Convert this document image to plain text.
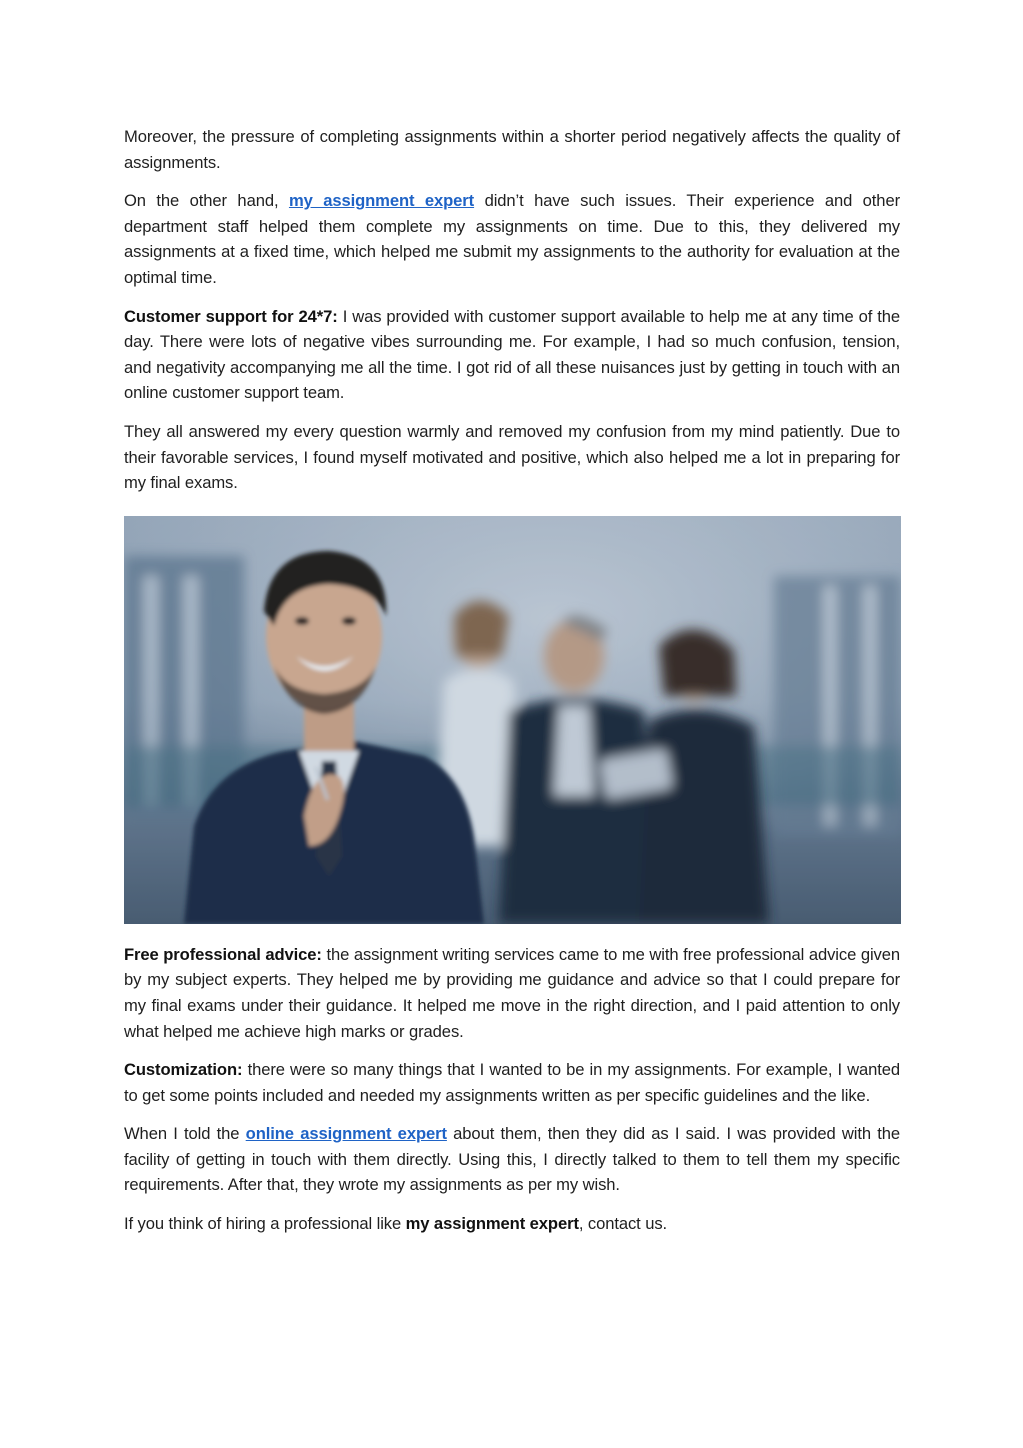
Moreover, the pressure of completing assignments within a shorter period negatively affects the quality of assignments.

On the other hand, my assignment expert didn’t have such issues. Their experience and other department staff helped them complete my assignments on time. Due to this, they delivered my assignments at a fixed time, which helped me submit my assignments to the authority for evaluation at the optimal time.

Customer support for 24*7: I was provided with customer support available to help me at any time of the day. There were lots of negative vibes surrounding me. For example, I had so much confusion, tension, and negativity accompanying me all the time. I got rid of all these nuisances just by getting in touch with an online customer support team.

They all answered my every question warmly and removed my confusion from my mind patiently. Due to their favorable services, I found myself motivated and positive, which also helped me a lot in preparing for my final exams.

Free professional advice: the assignment writing services came to me with free professional advice given by my subject experts. They helped me by providing me guidance and advice so that I could prepare for my final exams under their guidance. It helped me move in the right direction, and I paid attention to only what helped me achieve high marks or grades.

Customization: there were so many things that I wanted to be in my assignments. For example, I wanted to get some points included and needed my assignments written as per specific guidelines and the like.

When I told the online assignment expert about them, then they did as I said. I was provided with the facility of getting in touch with them directly. Using this, I directly talked to them to tell them my specific requirements. After that, they wrote my assignments as per my wish.

If you think of hiring a professional like my assignment expert, contact us.
